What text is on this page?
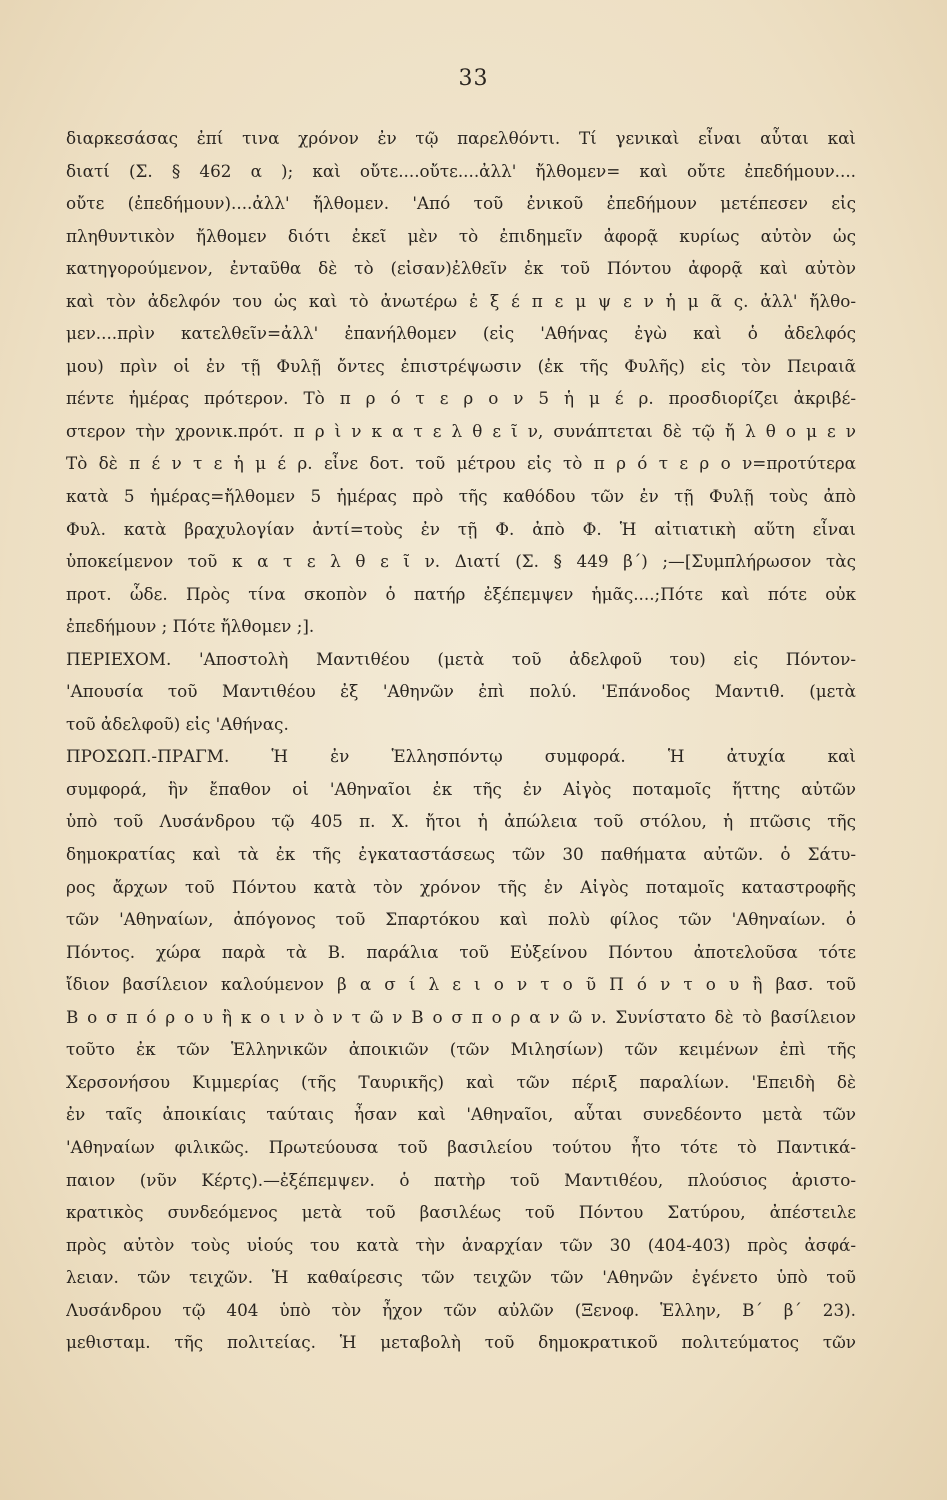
33
διαρκεσάσας ἐπί τινα χρόνον ἐν τῷ παρελθόντι. Τί γενικαὶ εἶναι αὗται καὶ
διατί (Σ. § 462 α ); καὶ οὔτε....οὔτε....ἀλλ' ἤλθομεν= καὶ οὔτε ἐπεδήμουν....
οὔτε (ἐπεδήμουν)....ἀλλ' ἤλθομεν. 'Από τοῦ ἐνικοῦ ἐπεδήμουν μετέπεσεν εἰς
πληθυντικὸν ἤλθομεν διότι ἐκεῖ μὲν τὸ ἐπιδημεῖν ἀφορᾷ κυρίως αὐτὸν ὡς
κατηγορούμενον, ἐνταῦθα δὲ τὸ (εἰσαν)ἐλθεῖν ἐκ τοῦ Πόντου ἀφορᾷ καὶ αὐτὸν
καὶ τὸν ἀδελφόν του ὡς καὶ τὸ ἀνωτέρω ἐ ξ έ π ε μ ψ ε ν ἡ μ ᾶ ς. ἀλλ' ἤλθο-
μεν....πρὶν κατελθεῖν=ἀλλ' ἐπανήλθομεν (εἰς 'Αθήνας ἐγὼ καὶ ὁ ἀδελφός
μου) πρὶν οἱ ἐν τῇ Φυλῇ ὄντες ἐπιστρέψωσιν (ἐκ τῆς Φυλῆς) εἰς τὸν Πειραιᾶ
πέντε ἡμέρας πρότερον. Τὸ π ρ ό τ ε ρ ο ν 5 ἡ μ έ ρ. προσδιορίζει ἀκριβέ-
στερον τὴν χρονικ.πρότ. π ρ ὶ ν κ α τ ε λ θ ε ῖ ν, συνάπτεται δὲ τῷ ἤ λ θ ο μ ε ν
Τὸ δὲ π έ ν τ ε ἡ μ έ ρ. εἶνε δοτ. τοῦ μέτρου εἰς τὸ π ρ ό τ ε ρ ο ν=προτύτερα
κατὰ 5 ἡμέρας=ἤλθομεν 5 ἡμέρας πρὸ τῆς καθόδου τῶν ἐν τῇ Φυλῇ τοὺς ἀπὸ
Φυλ. κατὰ βραχυλογίαν ἀντί=τοὺς ἐν τῇ Φ. ἀπὸ Φ. Ἡ αἰτιατικὴ αὕτη εἶναι
ὑποκείμενον τοῦ κ α τ ε λ θ ε ῖ ν. Διατί (Σ. § 449 β΄) ;—[Συμπλήρωσον τὰς
προτ. ὧδε. Πρὸς τίνα σκοπὸν ὁ πατήρ ἐξέπεμψεν ἡμᾶς....;Πότε καὶ πότε οὐκ
ἐπεδήμουν ; Πότε ἤλθομεν ;].
ΠΕΡΙΕΧΟΜ. 'Αποστολὴ Μαντιθέου (μετὰ τοῦ ἀδελφοῦ του) εἰς Πόντον-
'Απουσία τοῦ Μαντιθέου ἐξ 'Αθηνῶν ἐπὶ πολύ. 'Επάνοδος Μαντιθ. (μετὰ
τοῦ ἀδελφοῦ) εἰς 'Αθήνας.
ΠΡΟΣΩΠ.-ΠΡΑΓΜ. Ἡ ἐν Ἑλλησπόντῳ συμφορά. Ἡ ἀτυχία καὶ
συμφορά, ἣν ἔπαθον οἱ 'Αθηναῖοι ἐκ τῆς ἐν Αἰγὸς ποταμοῖς ἥττης αὐτῶν
ὑπὸ τοῦ Λυσάνδρου τῷ 405 π. Χ. ἤτοι ἡ ἀπώλεια τοῦ στόλου, ἡ πτῶσις τῆς
δημοκρατίας καὶ τὰ ἐκ τῆς ἐγκαταστάσεως τῶν 30 παθήματα αὐτῶν. ὁ Σάτυ-
ρος ἄρχων τοῦ Πόντου κατὰ τὸν χρόνον τῆς ἐν Αἰγὸς ποταμοῖς καταστροφῆς
τῶν 'Αθηναίων, ἀπόγονος τοῦ Σπαρτόκου καὶ πολὺ φίλος τῶν 'Αθηναίων. ὁ
Πόντος. χώρα παρὰ τὰ Β. παράλια τοῦ Εὐξείνου Πόντου ἀποτελοῦσα τότε
ἴδιον βασίλειον καλούμενον β α σ ί λ ε ι ο ν τ ο ῦ Π ό ν τ ο υ ἢ βασ. τοῦ
Β ο σ π ό ρ ο υ ἢ κ ο ι ν ὸ ν τ ῶ ν Β ο σ π ο ρ α ν ῶ ν. Συνίστατο δὲ τὸ βασίλειον
τοῦτο ἐκ τῶν Ἑλληνικῶν ἀποικιῶν (τῶν Μιλησίων) τῶν κειμένων ἐπὶ τῆς
Χερσονήσου Κιμμερίας (τῆς Ταυρικῆς) καὶ τῶν πέριξ παραλίων. 'Επειδὴ δὲ
ἐν ταῖς ἀποικίαις ταύταις ἦσαν καὶ 'Αθηναῖοι, αὗται συνεδέοντο μετὰ τῶν
'Αθηναίων φιλικῶς. Πρωτεύουσα τοῦ βασιλείου τούτου ἦτο τότε τὸ Παντικά-
παιον (νῦν Κέρτς).—ἐξέπεμψεν. ὁ πατὴρ τοῦ Μαντιθέου, πλούσιος ἀριστο-
κρατικὸς συνδεόμενος μετὰ τοῦ βασιλέως τοῦ Πόντου Σατύρου, ἀπέστειλε
πρὸς αὐτὸν τοὺς υἱούς του κατὰ τὴν ἀναρχίαν τῶν 30 (404-403) πρὸς ἀσφά-
λειαν. τῶν τειχῶν. Ἡ καθαίρεσις τῶν τειχῶν τῶν 'Αθηνῶν ἐγένετο ὑπὸ τοῦ
Λυσάνδρου τῷ 404 ὑπὸ τὸν ἦχον τῶν αὐλῶν (Ξενοφ. Ἑλλην, Β΄ β΄ 23).
μεθισταμ. τῆς πολιτείας. Ἡ μεταβολὴ τοῦ δημοκρατικοῦ πολιτεύματος τῶν
